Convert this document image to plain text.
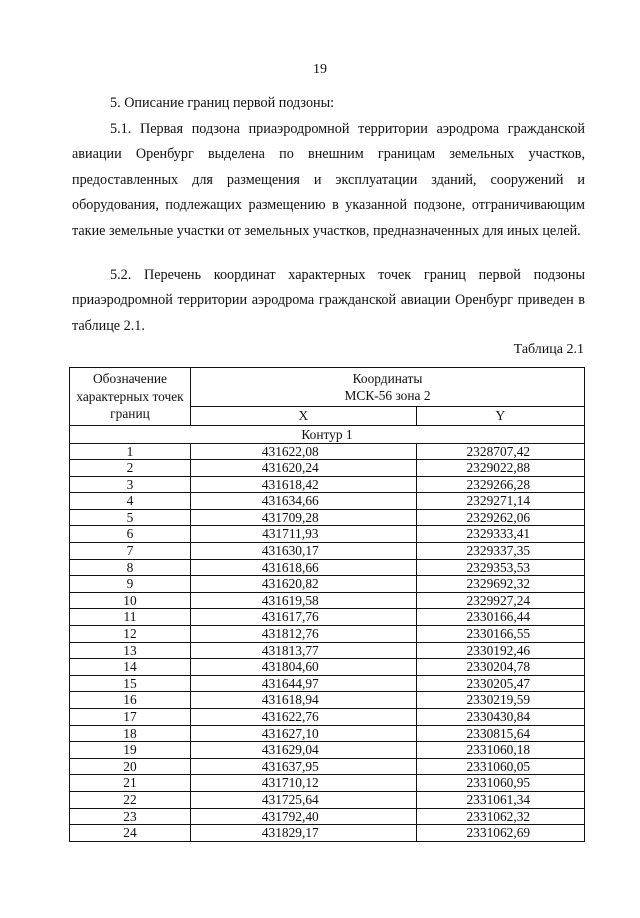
19
5. Описание границ первой подзоны:
5.1. Первая подзона приаэродромной территории аэродрома гражданской авиации Оренбург выделена по внешним границам земельных участков, предоставленных для размещения и эксплуатации зданий, сооружений и оборудования, подлежащих размещению в указанной подзоне, отграничивающим такие земельные участки от земельных участков, предназначенных для иных целей.
5.2. Перечень координат характерных точек границ первой подзоны приаэродромной территории аэродрома гражданской авиации Оренбург приведен в таблице 2.1.
Таблица 2.1
Обозначение характерных точек границ	Координаты
МСК-56 зона 2	

	X	Y
Контур 1		
1	431622,08	2328707,42
2	431620,24	2329022,88
3	431618,42	2329266,28
4	431634,66	2329271,14
5	431709,28	2329262,06
6	431711,93	2329333,41
7	431630,17	2329337,35
8	431618,66	2329353,53
9	431620,82	2329692,32
10	431619,58	2329927,24
11	431617,76	2330166,44
12	431812,76	2330166,55
13	431813,77	2330192,46
14	431804,60	2330204,78
15	431644,97	2330205,47
16	431618,94	2330219,59
17	431622,76	2330430,84
18	431627,10	2330815,64
19	431629,04	2331060,18
20	431637,95	2331060,05
21	431710,12	2331060,95
22	431725,64	2331061,34
23	431792,40	2331062,32
24	431829,17	2331062,69
